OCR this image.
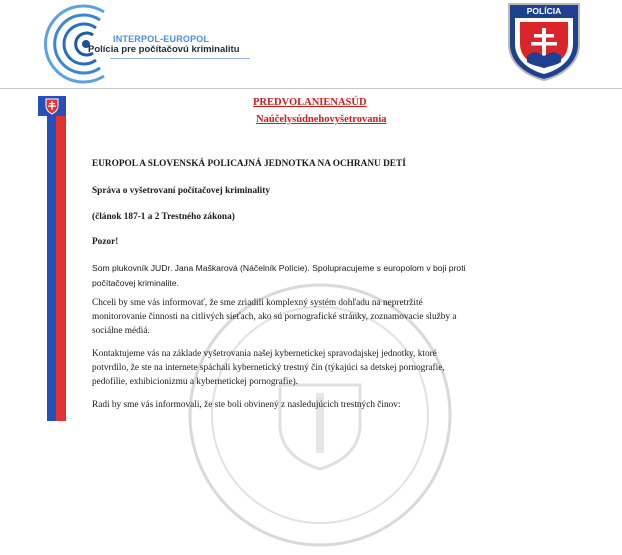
INTERPOL-EUROPOL
Polícia pre počítačovú kriminalitu
POLÍCIA
PREDVOLANIENASÚD
Naúčelysúdnehovyšetrovania
EUROPOL A SLOVENSKÁ POLICAJNÁ JEDNOTKA NA OCHRANU DETÍ
Správa o vyšetrovaní počítačovej kriminality
(článok 187-1 a 2 Trestného zákona)
Pozor!
Som plukovník JUDr. Jana Maškarová (Náčelník Polície). Spolupracujeme s europolom v boji proti
počítačovej kriminalite.
Chceli by sme vás informovať, že sme zriadili komplexný systém dohľadu na nepretržité
monitorovanie činnosti na citlivých sieťach, ako sú pornografické stránky, zoznamovacie služby a
sociálne médiá.
Kontaktujeme vás na základe vyšetrovania našej kybernetickej spravodajskej jednotky, ktoré
potvrdilo, že ste na internete spáchali kybernetický trestný čin (týkajúci sa detskej pornografie,
pedofílie, exhibicionizmu a kybernetickej pornografie).
Radi by sme vás informovali, že ste boli obvinený z nasledujúcich trestných činov:
